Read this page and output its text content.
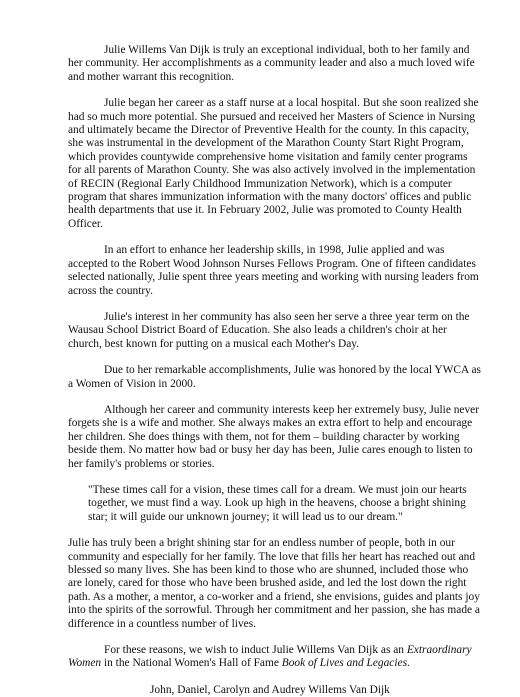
Julie Willems Van Dijk is truly an exceptional individual, both to her family and her community. Her accomplishments as a community leader and also a much loved wife and mother warrant this recognition.

Julie began her career as a staff nurse at a local hospital. But she soon realized she had so much more potential. She pursued and received her Masters of Science in Nursing and ultimately became the Director of Preventive Health for the county. In this capacity, she was instrumental in the development of the Marathon County Start Right Program, which provides countywide comprehensive home visitation and family center programs for all parents of Marathon County. She was also actively involved in the implementation of RECIN (Regional Early Childhood Immunization Network), which is a computer program that shares immunization information with the many doctors' offices and public health departments that use it. In February 2002, Julie was promoted to County Health Officer.

In an effort to enhance her leadership skills, in 1998, Julie applied and was accepted to the Robert Wood Johnson Nurses Fellows Program. One of fifteen candidates selected nationally, Julie spent three years meeting and working with nursing leaders from across the country.

Julie's interest in her community has also seen her serve a three year term on the Wausau School District Board of Education. She also leads a children's choir at her church, best known for putting on a musical each Mother's Day.

Due to her remarkable accomplishments, Julie was honored by the local YWCA as a Women of Vision in 2000.

Although her career and community interests keep her extremely busy, Julie never forgets she is a wife and mother. She always makes an extra effort to help and encourage her children. She does things with them, not for them – building character by working beside them. No matter how bad or busy her day has been, Julie cares enough to listen to her family's problems or stories.

"These times call for a vision, these times call for a dream. We must join our hearts together, we must find a way. Look up high in the heavens, choose a bright shining star; it will guide our unknown journey; it will lead us to our dream."

Julie has truly been a bright shining star for an endless number of people, both in our community and especially for her family. The love that fills her heart has reached out and blessed so many lives. She has been kind to those who are shunned, included those who are lonely, cared for those who have been brushed aside, and led the lost down the right path. As a mother, a mentor, a co-worker and a friend, she envisions, guides and plants joy into the spirits of the sorrowful. Through her commitment and her passion, she has made a difference in a countless number of lives.

For these reasons, we wish to induct Julie Willems Van Dijk as an Extraordinary Women in the National Women's Hall of Fame Book of Lives and Legacies.

John, Daniel, Carolyn and Audrey Willems Van Dijk
